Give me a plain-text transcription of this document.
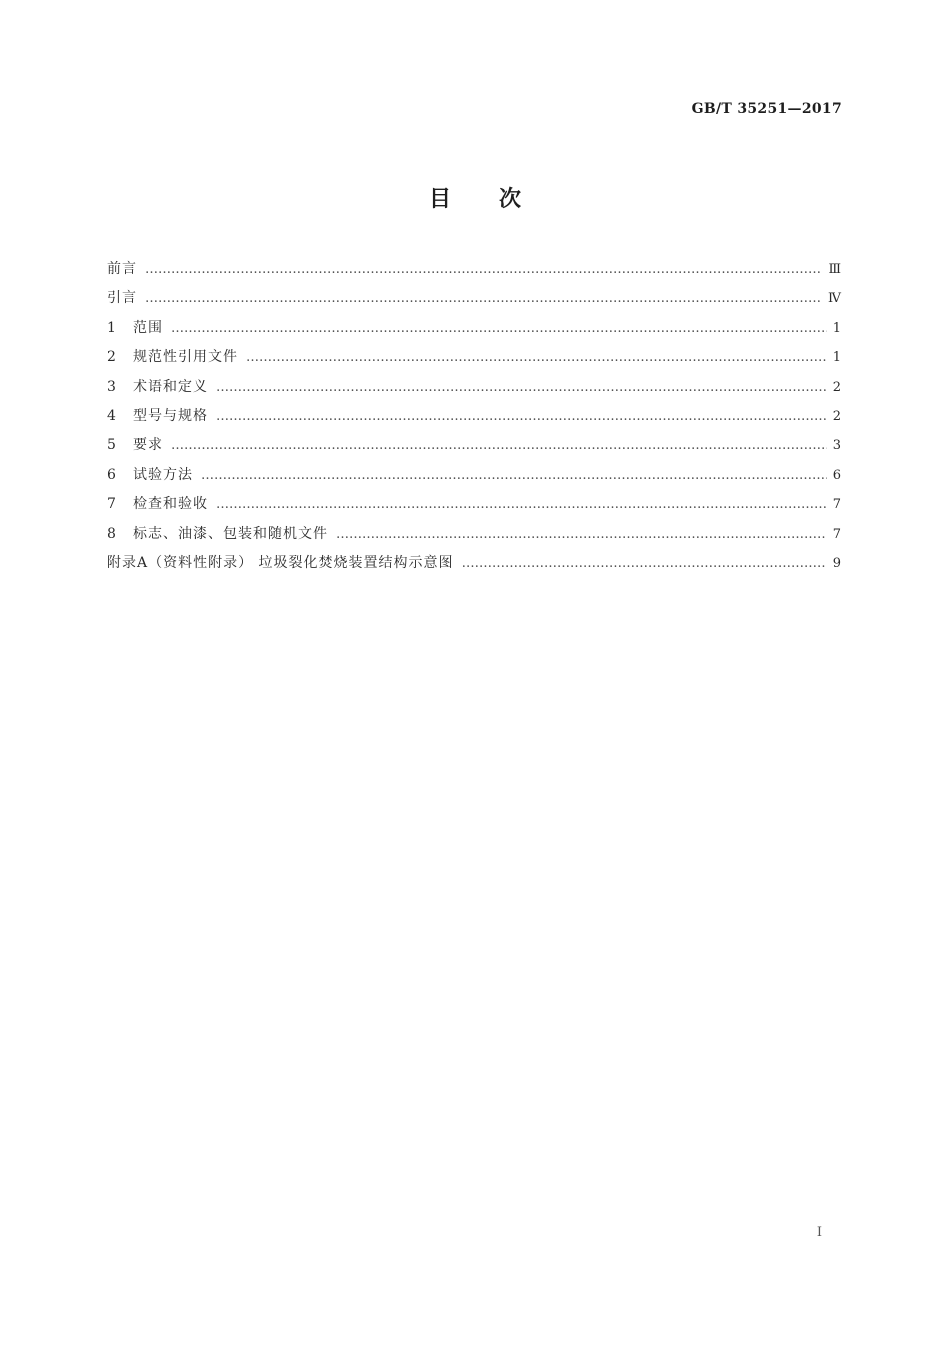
GB/T 35251—2017
目次
前言 ……………………………………………………………………………………………………………………………………………………………………………………………………	Ⅲ
引言 ……………………………………………………………………………………………………………………………………………………………………………………………………	Ⅳ
1	范围 ……………………………………………………………………………………………………………………………………………………………………………………………………	1
2	规范性引用文件 ……………………………………………………………………………………………………………………………………………………………………………………………………	1
3	术语和定义 ……………………………………………………………………………………………………………………………………………………………………………………………………	2
4	型号与规格 ……………………………………………………………………………………………………………………………………………………………………………………………………	2
5	要求 ……………………………………………………………………………………………………………………………………………………………………………………………………	3
6	试验方法 ……………………………………………………………………………………………………………………………………………………………………………………………………	6
7	检查和验收 ……………………………………………………………………………………………………………………………………………………………………………………………………	7
8	标志、油漆、包装和随机文件 ……………………………………………………………………………………………………………………………………………………………………………………………………	7
附录A（资料性附录） 垃圾裂化焚烧装置结构示意图 ……………………………………………………………………………………………………………………………………………………………………………………………………	9
Ⅰ
